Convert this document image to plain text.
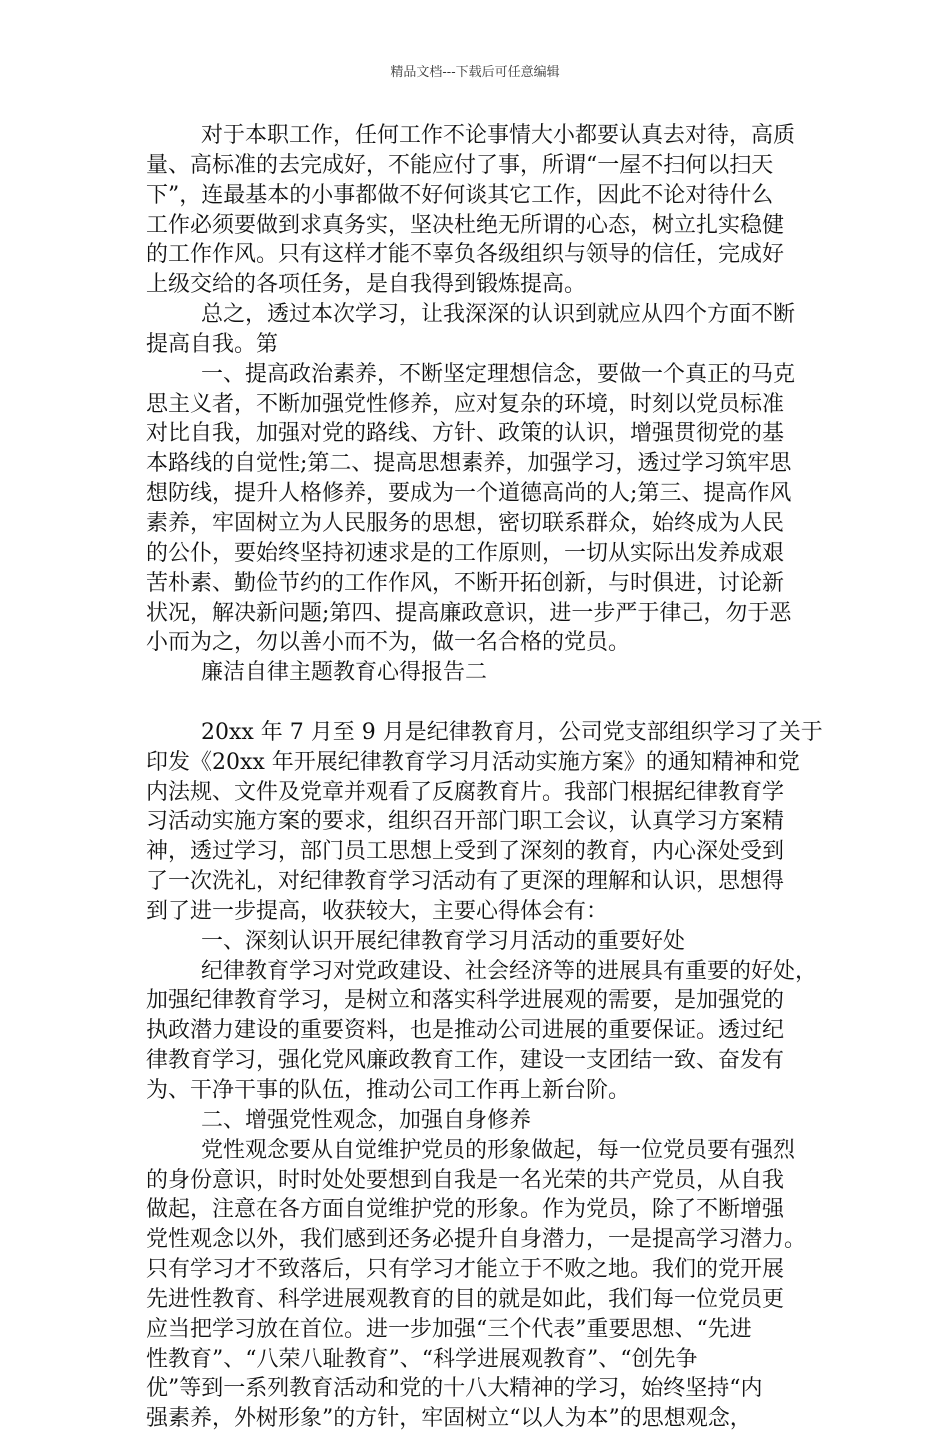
精品文档---下载后可任意编辑
对于本职工作，任何工作不论事情大小都要认真去对待，高质
量、高标准的去完成好，不能应付了事，所谓“一屋不扫何以扫天
下”，连最基本的小事都做不好何谈其它工作，因此不论对待什么
工作必须要做到求真务实，坚决杜绝无所谓的心态，树立扎实稳健
的工作作风。只有这样才能不辜负各级组织与领导的信任，完成好
上级交给的各项任务，是自我得到锻炼提高。
总之，透过本次学习，让我深深的认识到就应从四个方面不断
提高自我。第
一、提高政治素养，不断坚定理想信念，要做一个真正的马克
思主义者，不断加强党性修养，应对复杂的环境，时刻以党员标准
对比自我，加强对党的路线、方针、政策的认识，增强贯彻党的基
本路线的自觉性;第二、提高思想素养，加强学习，透过学习筑牢思
想防线，提升人格修养，要成为一个道德高尚的人;第三、提高作风
素养，牢固树立为人民服务的思想，密切联系群众，始终成为人民
的公仆，要始终坚持初速求是的工作原则，一切从实际出发养成艰
苦朴素、勤俭节约的工作作风，不断开拓创新，与时俱进，讨论新
状况，解决新问题;第四、提高廉政意识，进一步严于律己，勿于恶
小而为之，勿以善小而不为，做一名合格的党员。
廉洁自律主题教育心得报告二
20xx 年 7 月至 9 月是纪律教育月，公司党支部组织学习了关于
印发《20xx 年开展纪律教育学习月活动实施方案》的通知精神和党
内法规、文件及党章并观看了反腐教育片。我部门根据纪律教育学
习活动实施方案的要求，组织召开部门职工会议，认真学习方案精
神，透过学习，部门员工思想上受到了深刻的教育，内心深处受到
了一次洗礼，对纪律教育学习活动有了更深的理解和认识，思想得
到了进一步提高，收获较大，主要心得体会有：
一、深刻认识开展纪律教育学习月活动的重要好处
纪律教育学习对党政建设、社会经济等的进展具有重要的好处，
加强纪律教育学习，是树立和落实科学进展观的需要，是加强党的
执政潜力建设的重要资料，也是推动公司进展的重要保证。透过纪
律教育学习，强化党风廉政教育工作，建设一支团结一致、奋发有
为、干净干事的队伍，推动公司工作再上新台阶。
二、增强党性观念，加强自身修养
党性观念要从自觉维护党员的形象做起，每一位党员要有强烈
的身份意识，时时处处要想到自我是一名光荣的共产党员，从自我
做起，注意在各方面自觉维护党的形象。作为党员，除了不断增强
党性观念以外，我们感到还务必提升自身潜力，一是提高学习潜力。
只有学习才不致落后，只有学习才能立于不败之地。我们的党开展
先进性教育、科学进展观教育的目的就是如此，我们每一位党员更
应当把学习放在首位。进一步加强“三个代表”重要思想、“先进
性教育”、“八荣八耻教育”、“科学进展观教育”、“创先争
优”等到一系列教育活动和党的十八大精神的学习，始终坚持“内
强素养，外树形象”的方针，牢固树立“以人为本”的思想观念，
